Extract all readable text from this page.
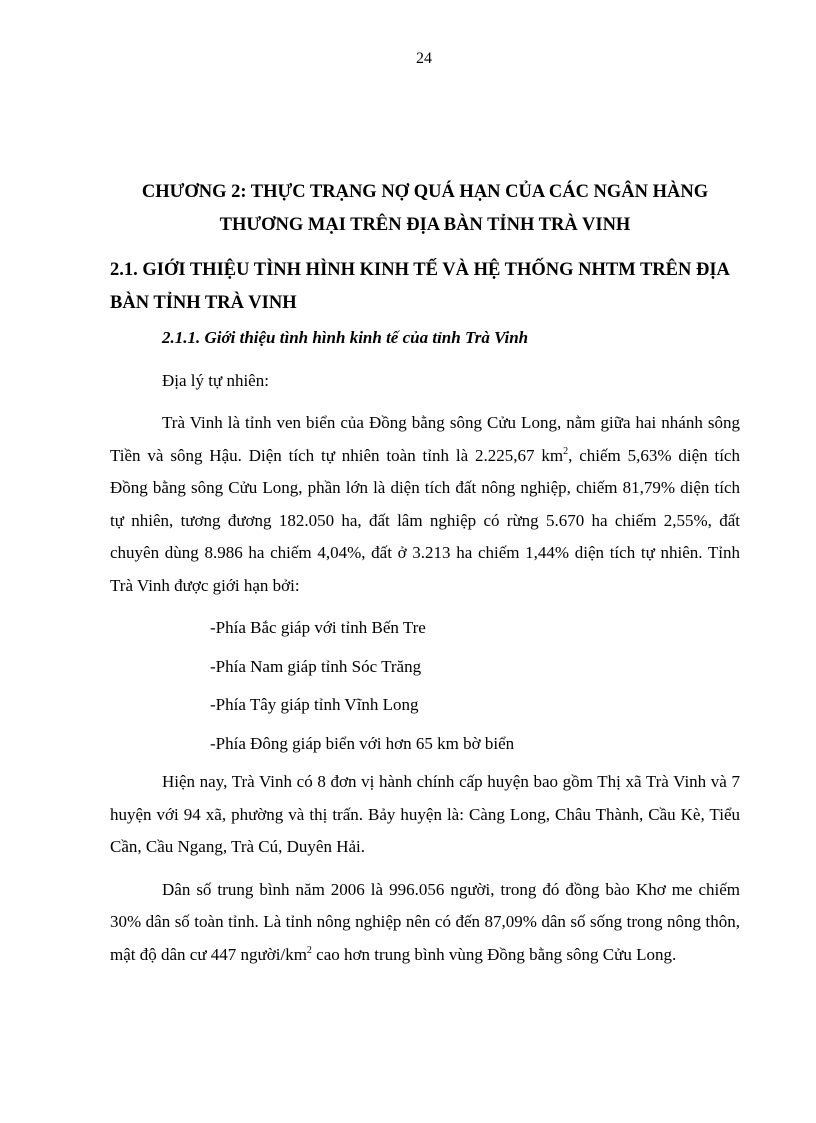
24
CHƯƠNG 2: THỰC TRẠNG NỢ QUÁ HẠN CỦA CÁC NGÂN HÀNG
THƯƠNG MẠI TRÊN ĐỊA BÀN TỈNH TRÀ VINH
2.1. GIỚI THIỆU TÌNH HÌNH KINH TẾ VÀ HỆ THỐNG NHTM TRÊN ĐỊA BÀN TỈNH TRÀ VINH

2.1.1. Giới thiệu tình hình kinh tế của tỉnh Trà Vinh

Địa lý tự nhiên:

Trà Vinh là tỉnh ven biển của Đồng bằng sông Cửu Long, nằm giữa hai nhánh sông Tiền và sông Hậu. Diện tích tự nhiên toàn tỉnh là 2.225,67 $km^2$, chiếm 5,63% diện tích Đồng bằng sông Cửu Long, phần lớn là diện tích đất nông nghiệp, chiếm 81,79% diện tích tự nhiên, tương đương 182.050 ha, đất lâm nghiệp có rừng 5.670 ha chiếm 2,55%, đất chuyên dùng 8.986 ha chiếm 4,04%, đất ở 3.213 ha chiếm 1,44% diện tích tự nhiên. Tỉnh Trà Vinh được giới hạn bởi:

-Phía Bắc giáp với tỉnh Bến Tre

-Phía Nam giáp tỉnh Sóc Trăng

-Phía Tây giáp tỉnh Vĩnh Long

-Phía Đông giáp biển với hơn 65 km bờ biển

Hiện nay, Trà Vinh có 8 đơn vị hành chính cấp huyện bao gồm Thị xã Trà Vinh và 7 huyện với 94 xã, phường và thị trấn. Bảy huyện là: Càng Long, Châu Thành, Cầu Kè, Tiểu Cần, Cầu Ngang, Trà Cú, Duyên Hải.

Dân số trung bình năm 2006 là 996.056 người, trong đó đồng bào Khơ me chiếm 30% dân số toàn tỉnh. Là tỉnh nông nghiệp nên có đến 87,09% dân số sống trong nông thôn, mật độ dân cư 447 người/$km^2$ cao hơn trung bình vùng Đồng bằng sông Cửu Long.
